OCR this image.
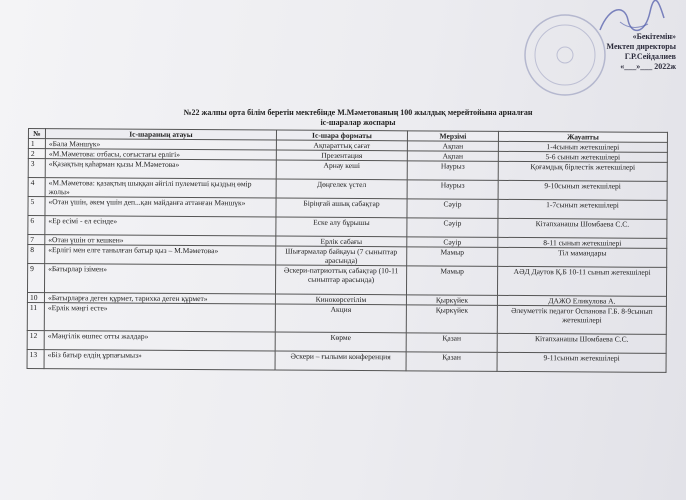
«Бекітемін»
Мектеп директоры
Г.Р.Сейдалиев
«___»___ 2022ж
№22 жалпы орта білім беретін мектебінде М.Мәметованың 100 жылдық мерейтойына арналған
іс-шаралар жоспары
№	Іс-шараның атауы	Іс-шара форматы	Мерзімі	Жауапты
1	«Бала Мәншүк»	Ақпараттық сағат	Ақпан	1-4сынып жетекшілері
2	«М.Мәметова: отбасы, соғыстағы ерлігі»	Презентация	Ақпан	5-6 сынып жетекшілері
3	«Қазақтың қаһарман қызы М.Мәметова»	Арнау кеші	Наурыз	Қоғамдық бірлестік жетекшілері
4	«М.Мәметова: қазақтың шыққан әйгілі пулеметші қыздың өмір жолы»	Дөңгелек үстел	Наурыз	9-10сынып жетекшілері
5	«Отан үшін, әкем үшін деп...қан майданға аттанған Мәншүк»	Біріңғай ашық сабақтар	Сәуір	1-7сынып жетекшілері
6	«Ер есімі - ел есінде»	Еске алу бұрышы	Сәуір	Кітапханашы Шомбаева С.С.
7	«Отан үшін от кешкен»	Ерлік сабағы	Сәуір	8-11 сынып жетекшілері
8	«Ерлігі мен елге танылған батыр қыз – М.Мәметова»	Шығармалар байқауы (7 сыныптар арасында)	Мамыр	Тіл мамандары
9	«Батырлар ізімен»	Әскери-патриоттық сабақтар (10-11 сыныптар арасында)	Мамыр	АӘД Даутов Қ.Б 10-11 сынып жетекшілері
10	«Батырларға деген құрмет, тарихка деген құрмет»	Кинокөрсетілім	Қыркүйек	ДАЖО Еликулова А.
11	«Ерлік мәңгі есте»	Акция	Қыркүйек	Әлеуметтік педагог Оспанова Г.Б. 8-9сынып жетекшілері
12	«Мәңгілік өшпес отты жалдар»	Көрме	Қазан	Кітапханашы Шомбаева С.С.
13	«Біз батыр елдің ұрпағымыз»	Әскери – ғылыми конференция	Қазан	9-11сынып жетекшілері
